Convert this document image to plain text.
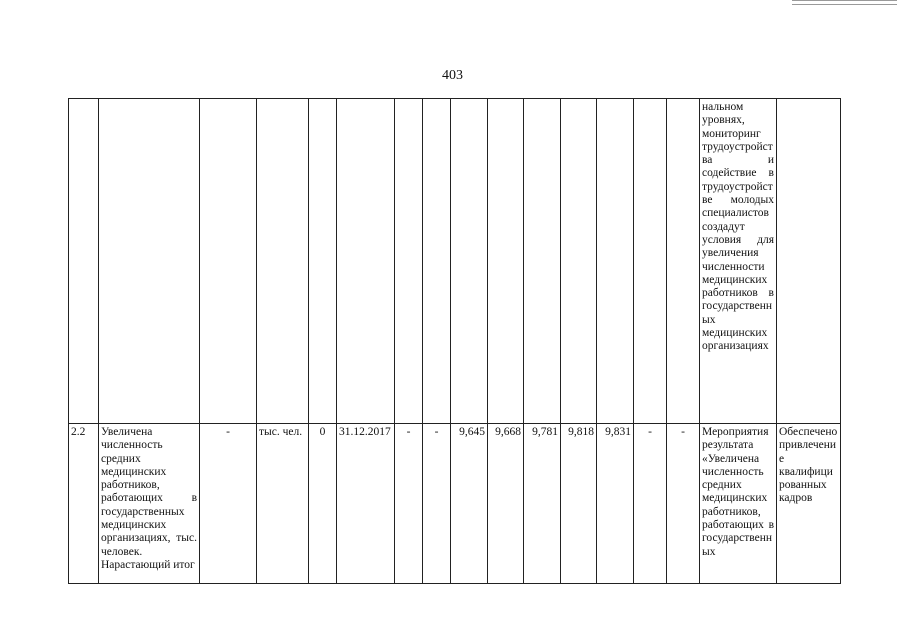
403
															нальном уровнях, мониторинг трудоустройства и содействие в трудоустройстве молодых специалистов создадут условия для увеличения численности медицинских работников в государственных медицинских организациях	
2.2	Увеличена численность средних медицинских работников, работающих в государственных медицинских организациях, тыс. человек. Нарастающий итог	-	тыс. чел.	0	31.12.2017	-	-	9,645	9,668	9,781	9,818	9,831	-	-	Мероприятия результата «Увеличена численность средних медицинских работников, работающих в государственных	Обеспечено привлечение квалифицированных кадров
